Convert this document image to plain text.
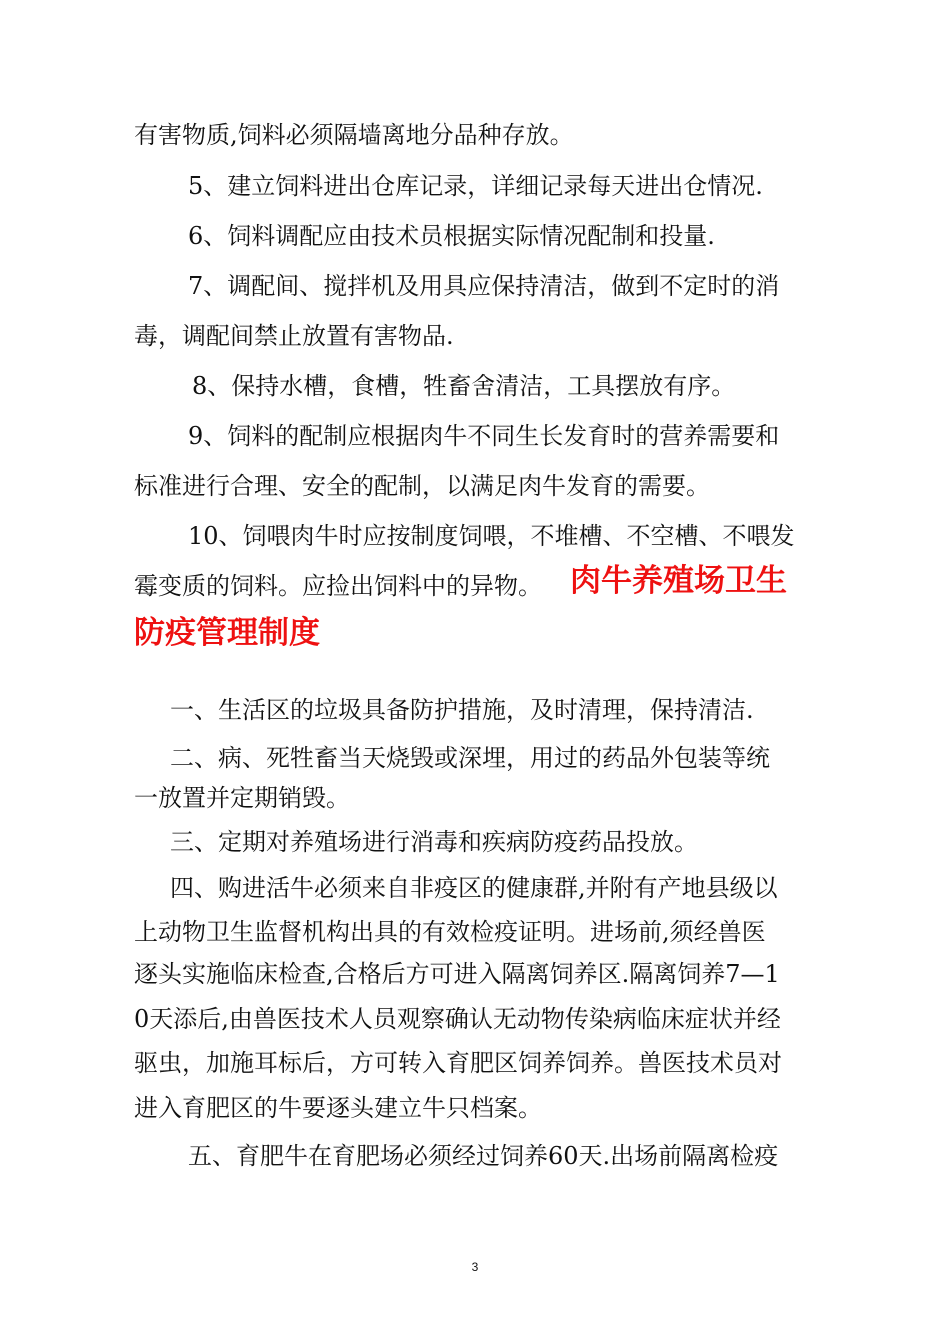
有害物质,饲料必须隔墙离地分品种存放。
5、建立饲料进出仓库记录，详细记录每天进出仓情况.
6、饲料调配应由技术员根据实际情况配制和投量.
7、调配间、搅拌机及用具应保持清洁，做到不定时的消
毒，调配间禁止放置有害物品.
8、保持水槽，食槽，牲畜舍清洁，工具摆放有序。
9、饲料的配制应根据肉牛不同生长发育时的营养需要和
标准进行合理、安全的配制，以满足肉牛发育的需要。
10、饲喂肉牛时应按制度饲喂，不堆槽、不空槽、不喂发
霉变质的饲料。应捡出饲料中的异物。 肉牛养殖场卫生
防疫管理制度
一、生活区的垃圾具备防护措施，及时清理，保持清洁.
二、病、死牲畜当天烧毁或深埋，用过的药品外包装等统
一放置并定期销毁。
三、定期对养殖场进行消毒和疾病防疫药品投放。
四、购进活牛必须来自非疫区的健康群,并附有产地县级以
上动物卫生监督机构出具的有效检疫证明。进场前,须经兽医
逐头实施临床检查,合格后方可进入隔离饲养区.隔离饲养7—1
0天添后,由兽医技术人员观察确认无动物传染病临床症状并经
驱虫，加施耳标后，方可转入育肥区饲养饲养。兽医技术员对
进入育肥区的牛要逐头建立牛只档案。
五、育肥牛在育肥场必须经过饲养60天.出场前隔离检疫
3
